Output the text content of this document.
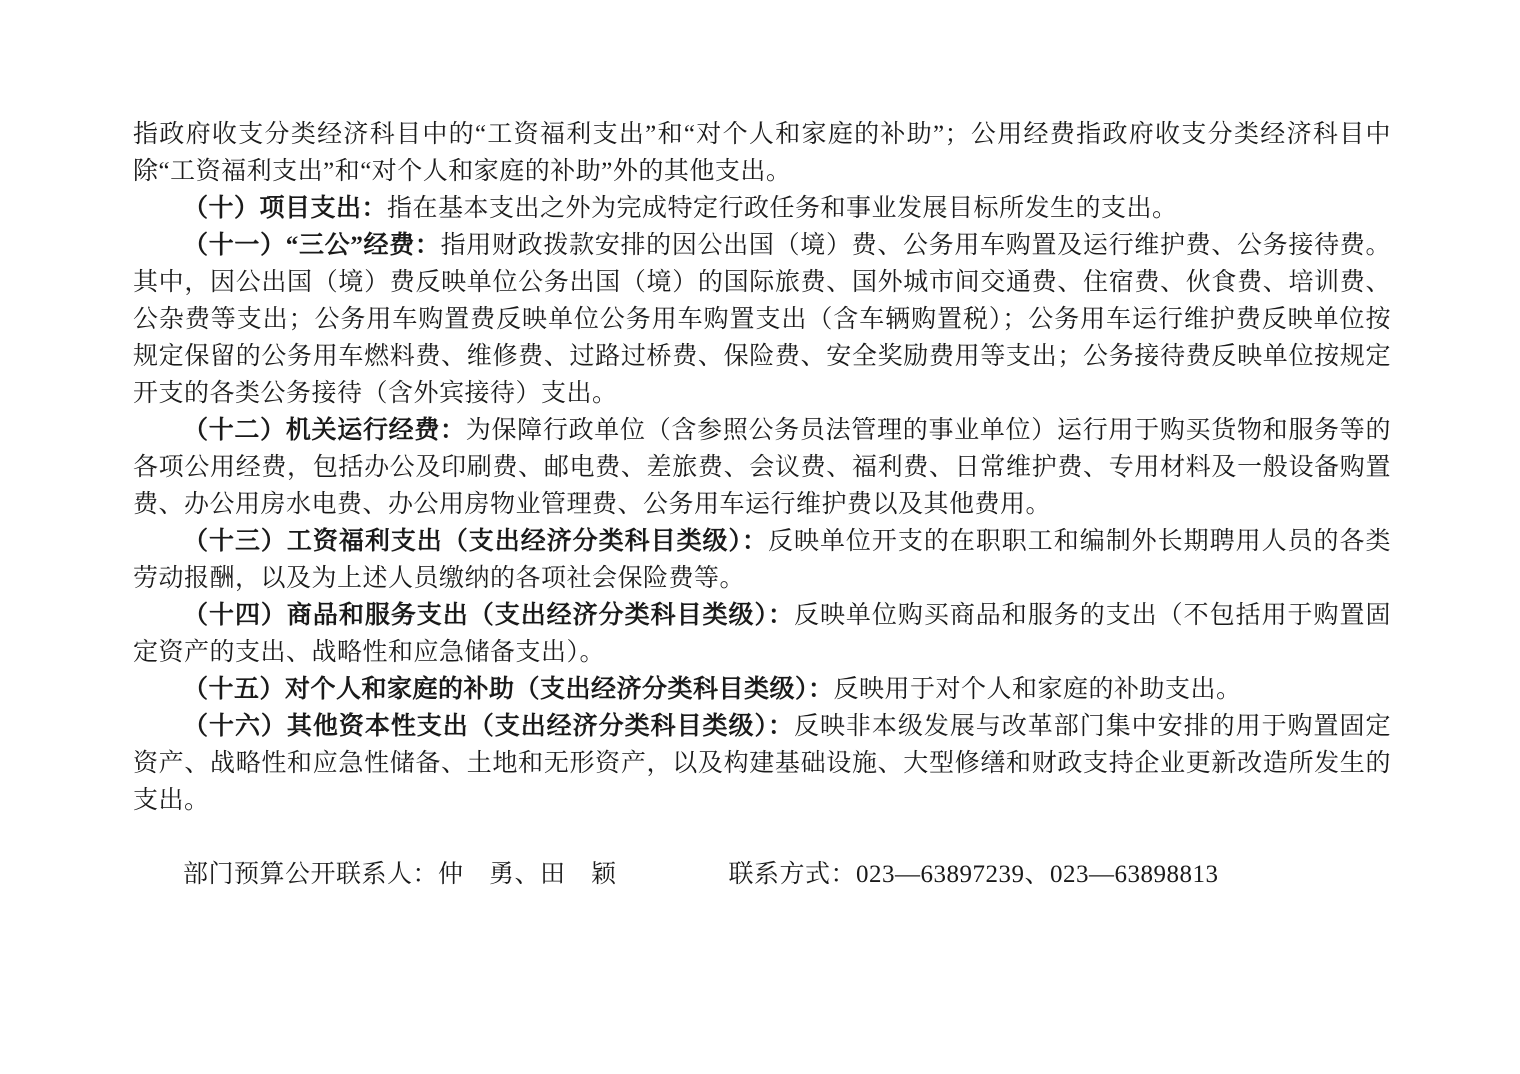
指政府收支分类经济科目中的“工资福利支出”和“对个人和家庭的补助”；公用经费指政府收支分类经济科目中除“工资福利支出”和“对个人和家庭的补助”外的其他支出。

（十）项目支出：指在基本支出之外为完成特定行政任务和事业发展目标所发生的支出。

（十一）“三公”经费：指用财政拨款安排的因公出国（境）费、公务用车购置及运行维护费、公务接待费。其中，因公出国（境）费反映单位公务出国（境）的国际旅费、国外城市间交通费、住宿费、伙食费、培训费、公杂费等支出；公务用车购置费反映单位公务用车购置支出（含车辆购置税）；公务用车运行维护费反映单位按规定保留的公务用车燃料费、维修费、过路过桥费、保险费、安全奖励费用等支出；公务接待费反映单位按规定开支的各类公务接待（含外宾接待）支出。

（十二）机关运行经费：为保障行政单位（含参照公务员法管理的事业单位）运行用于购买货物和服务等的各项公用经费，包括办公及印刷费、邮电费、差旅费、会议费、福利费、日常维护费、专用材料及一般设备购置费、办公用房水电费、办公用房物业管理费、公务用车运行维护费以及其他费用。

（十三）工资福利支出（支出经济分类科目类级）：反映单位开支的在职职工和编制外长期聘用人员的各类劳动报酬，以及为上述人员缴纳的各项社会保险费等。

（十四）商品和服务支出（支出经济分类科目类级）：反映单位购买商品和服务的支出（不包括用于购置固定资产的支出、战略性和应急储备支出）。

（十五）对个人和家庭的补助（支出经济分类科目类级）：反映用于对个人和家庭的补助支出。

（十六）其他资本性支出（支出经济分类科目类级）：反映非本级发展与改革部门集中安排的用于购置固定资产、战略性和应急性储备、土地和无形资产，以及构建基础设施、大型修缮和财政支持企业更新改造所发生的支出。

部门预算公开联系人：仲　勇、田　颖	联系方式：023—63897239、023—63898813
